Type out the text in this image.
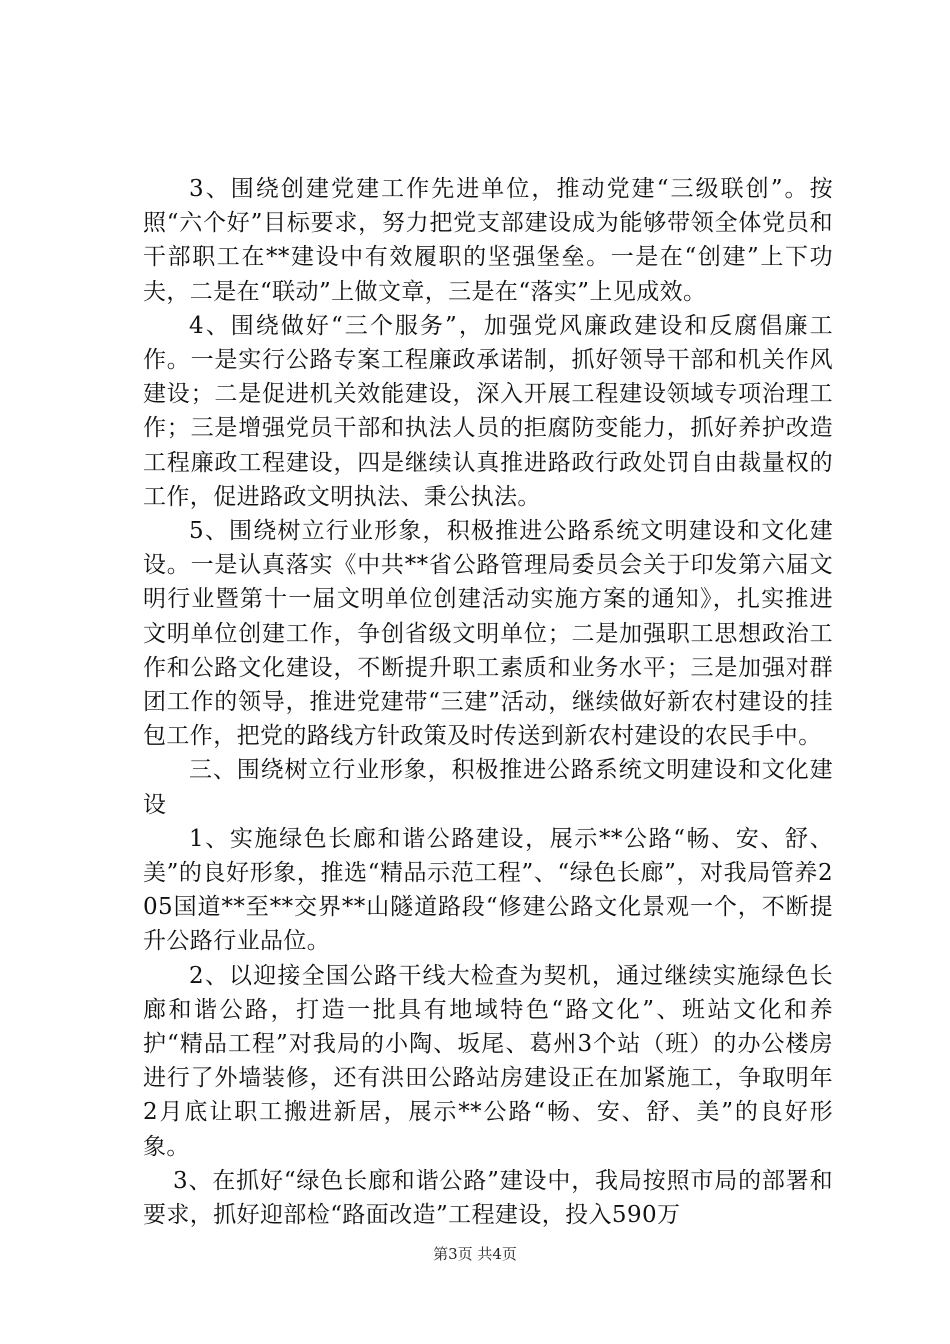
3、围绕创建党建工作先进单位，推动党建“三级联创”。按照“六个好”目标要求，努力把党支部建设成为能够带领全体党员和干部职工在**建设中有效履职的坚强堡垒。一是在“创建”上下功夫，二是在“联动”上做文章，三是在“落实”上见成效。

4、围绕做好“三个服务”，加强党风廉政建设和反腐倡廉工作。一是实行公路专案工程廉政承诺制，抓好领导干部和机关作风建设；二是促进机关效能建设，深入开展工程建设领域专项治理工作；三是增强党员干部和执法人员的拒腐防变能力，抓好养护改造工程廉政工程建设，四是继续认真推进路政行政处罚自由裁量权的工作，促进路政文明执法、秉公执法。

5、围绕树立行业形象，积极推进公路系统文明建设和文化建设。一是认真落实《中共**省公路管理局委员会关于印发第六届文明行业暨第十一届文明单位创建活动实施方案的通知》，扎实推进文明单位创建工作，争创省级文明单位；二是加强职工思想政治工作和公路文化建设，不断提升职工素质和业务水平；三是加强对群团工作的领导，推进党建带“三建”活动，继续做好新农村建设的挂包工作，把党的路线方针政策及时传送到新农村建设的农民手中。

三、围绕树立行业形象，积极推进公路系统文明建设和文化建设

1、实施绿色长廊和谐公路建设，展示**公路“畅、安、舒、美”的良好形象，推选“精品示范工程”、“绿色长廊”，对我局管养205国道**至**交界**山隧道路段“修建公路文化景观一个，不断提升公路行业品位。

2、以迎接全国公路干线大检查为契机，通过继续实施绿色长廊和谐公路，打造一批具有地域特色“路文化”、班站文化和养护“精品工程”对我局的小陶、坂尾、葛州3个站（班）的办公楼房进行了外墙装修，还有洪田公路站房建设正在加紧施工，争取明年2月底让职工搬进新居，展示**公路“畅、安、舒、美”的良好形象。

3、在抓好“绿色长廊和谐公路”建设中，我局按照市局的部署和要求，抓好迎部检“路面改造”工程建设，投入590万

第3页 共4页
